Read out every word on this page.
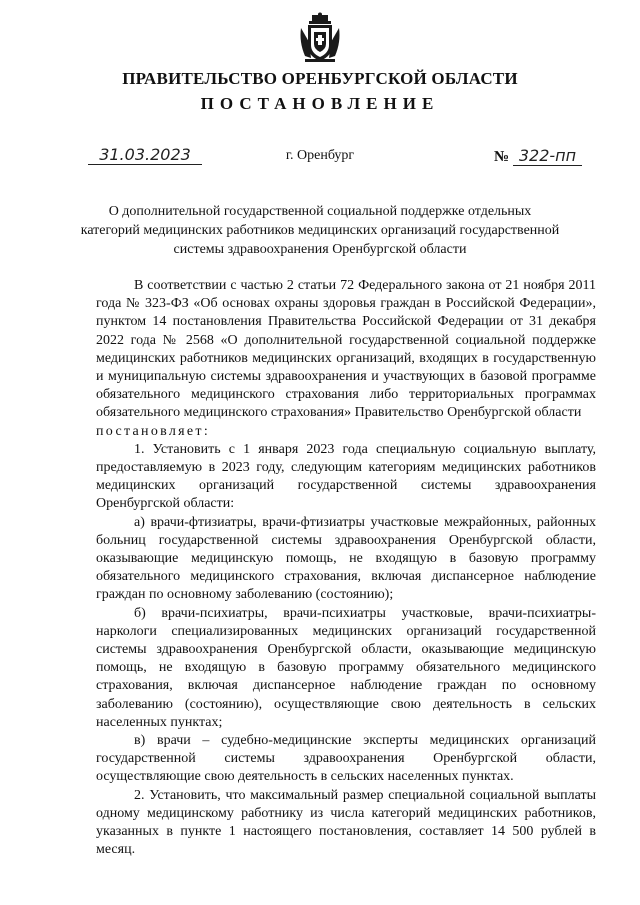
ПРАВИТЕЛЬСТВО ОРЕНБУРГСКОЙ ОБЛАСТИ
ПОСТАНОВЛЕНИЕ
31.03.2023	г. Оренбург	№ 322-пп
О дополнительной государственной социальной поддержке отдельных категорий медицинских работников медицинских организаций государственной системы здравоохранения Оренбургской области

В соответствии с частью 2 статьи 72 Федерального закона от 21 ноября 2011 года № 323-ФЗ «Об основах охраны здоровья граждан в Российской Федерации», пунктом 14 постановления Правительства Российской Федерации от 31 декабря 2022 года № 2568 «О дополнительной государственной социальной поддержке медицинских работников медицинских организаций, входящих в государственную и муниципальную системы здравоохранения и участвующих в базовой программе обязательного медицинского страхования либо территориальных программах обязательного медицинского страхования» Правительство Оренбургской области

постановляет:

1. Установить с 1 января 2023 года специальную социальную выплату, предоставляемую в 2023 году, следующим категориям медицинских работников медицинских организаций государственной системы здравоохранения Оренбургской области:

а) врачи-фтизиатры, врачи-фтизиатры участковые межрайонных, районных больниц государственной системы здравоохранения Оренбургской области, оказывающие медицинскую помощь, не входящую в базовую программу обязательного медицинского страхования, включая диспансерное наблюдение граждан по основному заболеванию (состоянию);

б) врачи-психиатры, врачи-психиатры участковые, врачи-психиатры-наркологи специализированных медицинских организаций государственной системы здравоохранения Оренбургской области, оказывающие медицинскую помощь, не входящую в базовую программу обязательного медицинского страхования, включая диспансерное наблюдение граждан по основному заболеванию (состоянию), осуществляющие свою деятельность в сельских населенных пунктах;

в) врачи – судебно-медицинские эксперты медицинских организаций государственной системы здравоохранения Оренбургской области, осуществляющие свою деятельность в сельских населенных пунктах.

2. Установить, что максимальный размер специальной социальной выплаты одному медицинскому работнику из числа категорий медицинских работников, указанных в пункте 1 настоящего постановления, составляет 14 500 рублей в месяц.
